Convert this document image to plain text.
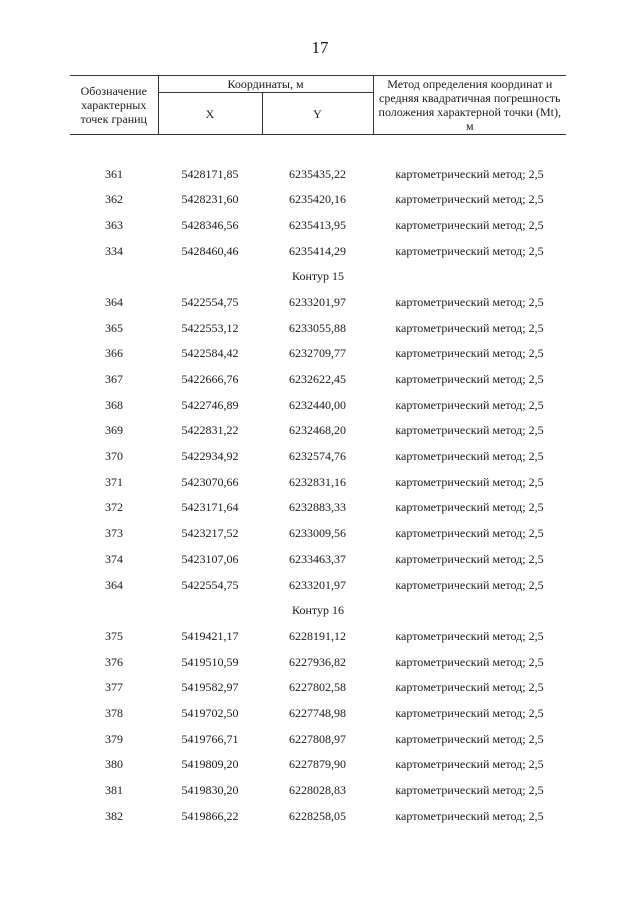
17
Обозначение характерных точек границ	Координаты, м		Метод определения координат и средняя квадратичная погрешность положения характерной точки (Mt), м
	X	Y	

361	5428171,85	6235435,22	картометрический метод; 2,5
362	5428231,60	6235420,16	картометрический метод; 2,5
363	5428346,56	6235413,95	картометрический метод; 2,5
334	5428460,46	6235414,29	картометрический метод; 2,5
Контур 15			
364	5422554,75	6233201,97	картометрический метод; 2,5
365	5422553,12	6233055,88	картометрический метод; 2,5
366	5422584,42	6232709,77	картометрический метод; 2,5
367	5422666,76	6232622,45	картометрический метод; 2,5
368	5422746,89	6232440,00	картометрический метод; 2,5
369	5422831,22	6232468,20	картометрический метод; 2,5
370	5422934,92	6232574,76	картометрический метод; 2,5
371	5423070,66	6232831,16	картометрический метод; 2,5
372	5423171,64	6232883,33	картометрический метод; 2,5
373	5423217,52	6233009,56	картометрический метод; 2,5
374	5423107,06	6233463,37	картометрический метод; 2,5
364	5422554,75	6233201,97	картометрический метод; 2,5
Контур 16			
375	5419421,17	6228191,12	картометрический метод; 2,5
376	5419510,59	6227936,82	картометрический метод; 2,5
377	5419582,97	6227802,58	картометрический метод; 2,5
378	5419702,50	6227748,98	картометрический метод; 2,5
379	5419766,71	6227808,97	картометрический метод; 2,5
380	5419809,20	6227879,90	картометрический метод; 2,5
381	5419830,20	6228028,83	картометрический метод; 2,5
382	5419866,22	6228258,05	картометрический метод; 2,5
